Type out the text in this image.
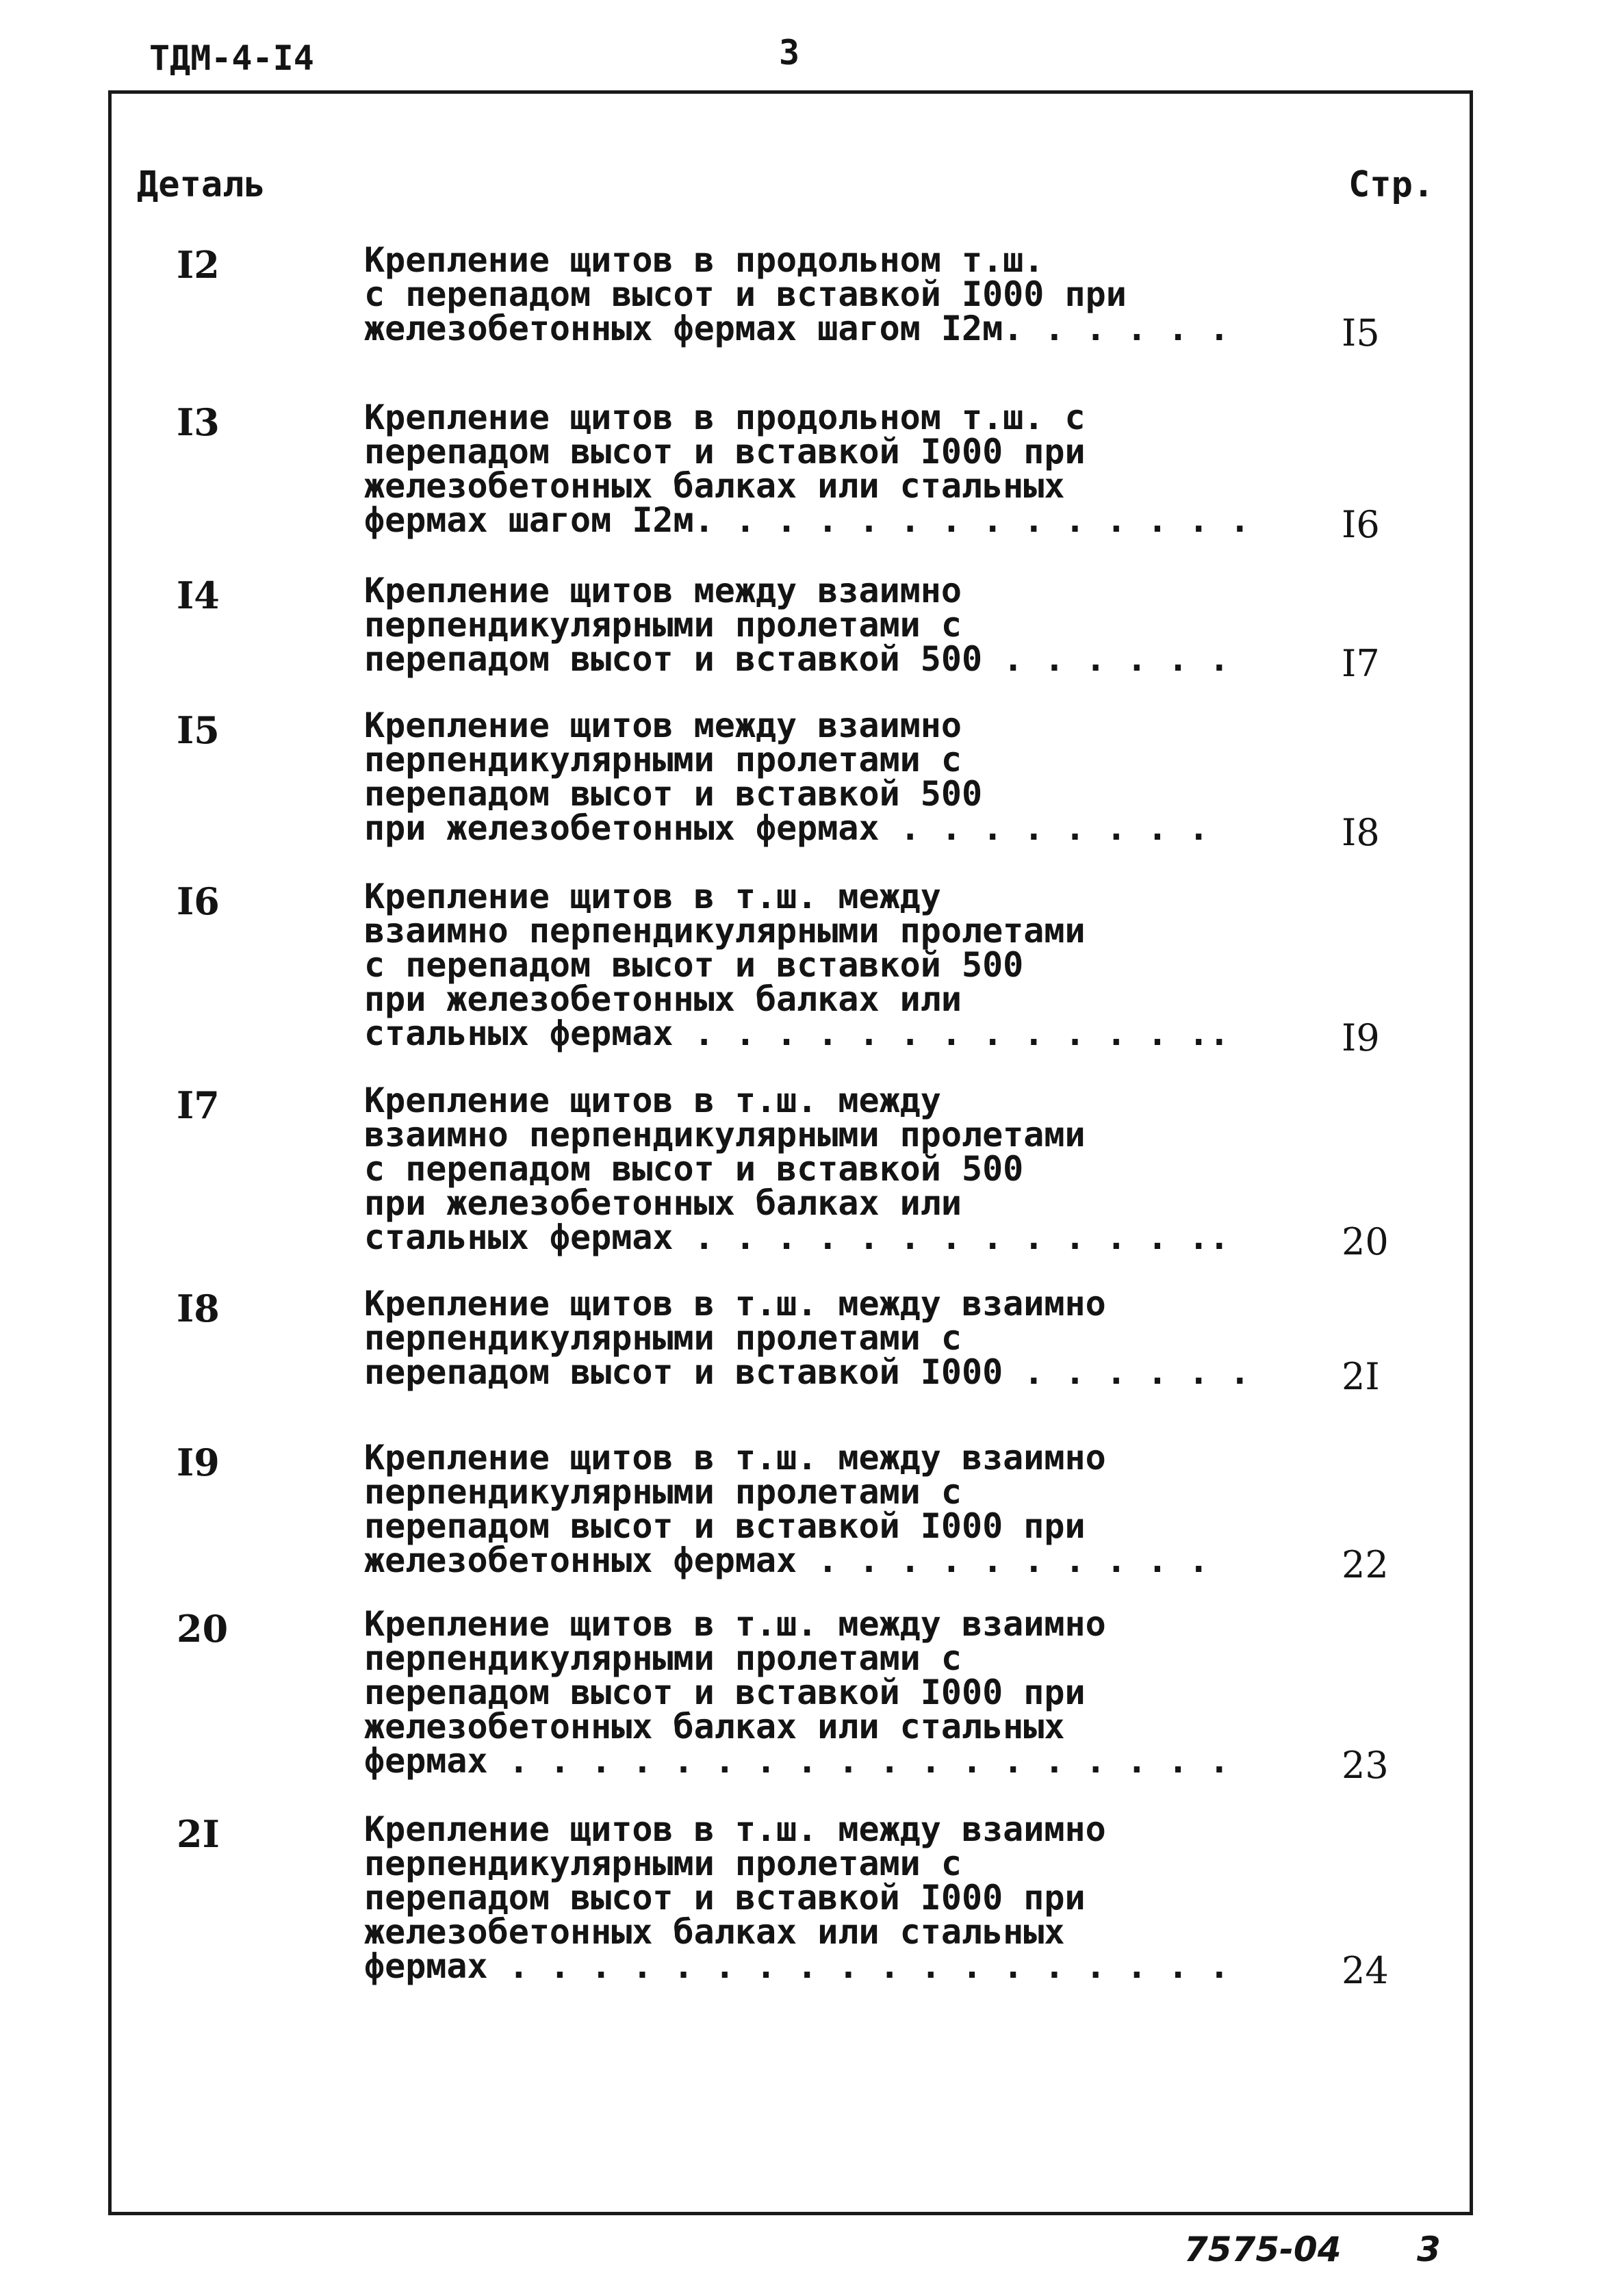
ТДМ-4-I4	3
Деталь	Стр.
I2	Крепление щитов в продольном т.ш.
с перепадом высот и вставкой I000 при
железобетонных фермах шагом I2м. . . . . .	I5
I3	Крепление щитов в продольном т.ш. с
перепадом высот и вставкой I000 при
железобетонных балках или стальных
фермах шагом I2м. . . . . . . . . . . . . . I6
I4	Крепление щитов между взаимно
перпендикулярными пролетами с
перепадом высот и вставкой 500 . . . . . .	I7
I5	Крепление щитов между взаимно
перпендикулярными пролетами с
перепадом высот и вставкой 500
при железобетонных фермах . . . . . . . .	I8
I6	Крепление щитов в т.ш. между
взаимно перпендикулярными пролетами
с перепадом высот и вставкой 500
при железобетонных балках или
стальных фермах . . . . . . . . . . . . ..	I9
I7	Крепление щитов в т.ш. между
взаимно перпендикулярными пролетами
с перепадом высот и вставкой 500
при железобетонных балках или
стальных фермах . . . . . . . . . . . . ..	20
I8	Крепление щитов в т.ш. между взаимно
перпендикулярными пролетами с
перепадом высот и вставкой I000 . . . . . . 2I
I9	Крепление щитов в т.ш. между взаимно
перпендикулярными пролетами с
перепадом высот и вставкой I000 при
железобетонных фермах . . . . . . . . . .	22
20	Крепление щитов в т.ш. между взаимно
перпендикулярными пролетами с
перепадом высот и вставкой I000 при
железобетонных балках или стальных
фермах . . . . . . . . . . . . . . . . . .	23
2I	Крепление щитов в т.ш. между взаимно
перпендикулярными пролетами с
перепадом высот и вставкой I000 при
железобетонных балках или стальных
фермах . . . . . . . . . . . . . . . . . .	24
7575-04 3
